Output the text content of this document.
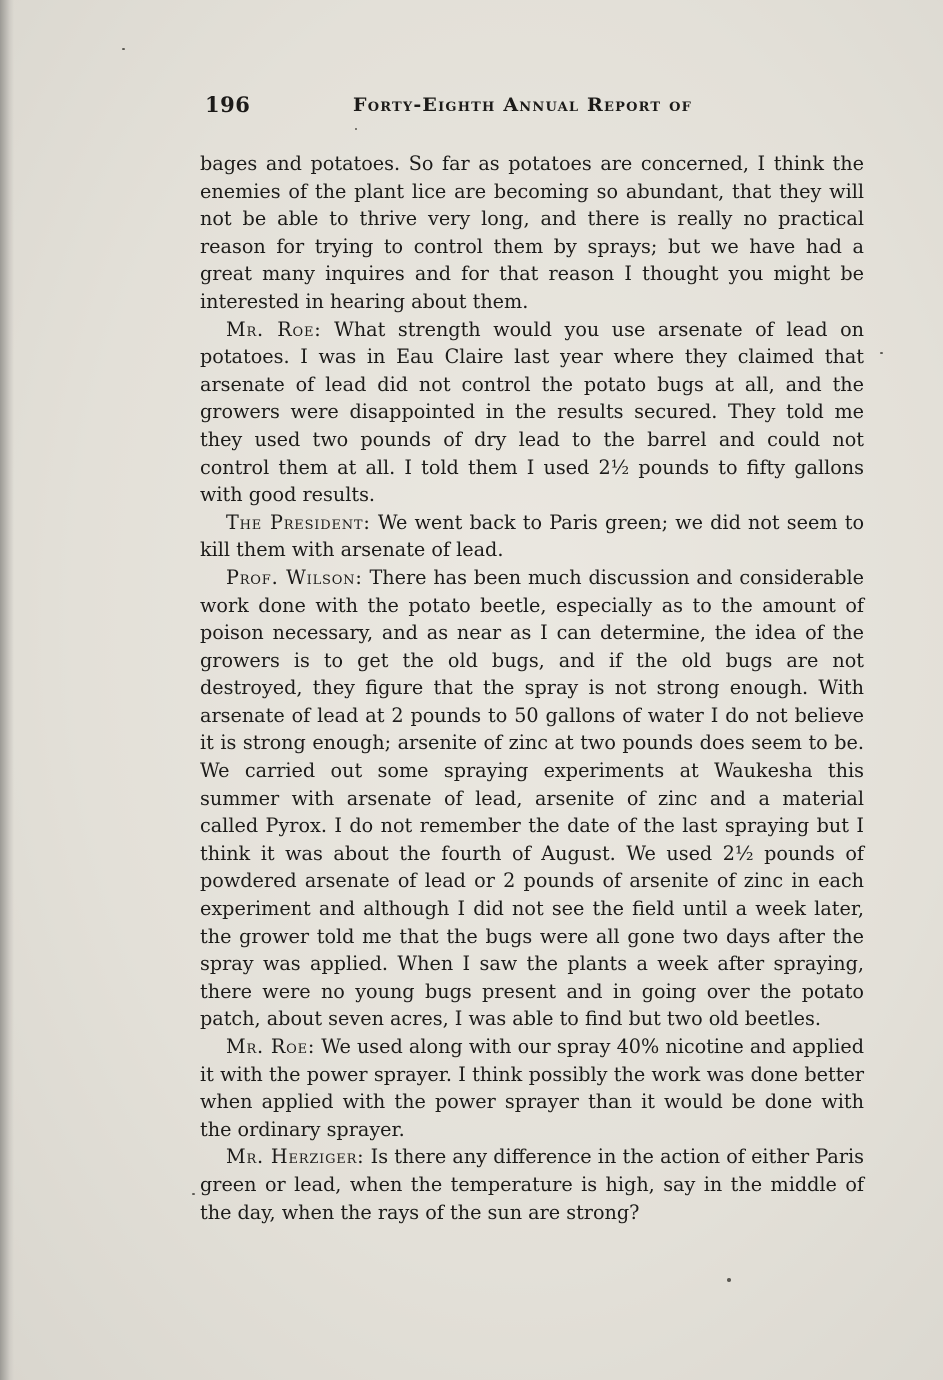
196	Forty-Eighth Annual Report of

bages and potatoes. So far as potatoes are concerned, I think the enemies of the plant lice are becoming so abundant, that they will not be able to thrive very long, and there is really no practical reason for trying to control them by sprays; but we have had a great many inquires and for that reason I thought you might be interested in hearing about them.

Mr. Roe: What strength would you use arsenate of lead on potatoes. I was in Eau Claire last year where they claimed that arsenate of lead did not control the potato bugs at all, and the growers were disappointed in the results secured. They told me they used two pounds of dry lead to the barrel and could not control them at all. I told them I used 2½ pounds to fifty gallons with good results.

The President: We went back to Paris green; we did not seem to kill them with arsenate of lead.

Prof. Wilson: There has been much discussion and considerable work done with the potato beetle, especially as to the amount of poison necessary, and as near as I can determine, the idea of the growers is to get the old bugs, and if the old bugs are not destroyed, they figure that the spray is not strong enough. With arsenate of lead at 2 pounds to 50 gallons of water I do not believe it is strong enough; arsenite of zinc at two pounds does seem to be. We carried out some spraying experiments at Waukesha this summer with arsenate of lead, arsenite of zinc and a material called Pyrox. I do not remember the date of the last spraying but I think it was about the fourth of August. We used 2½ pounds of powdered arsenate of lead or 2 pounds of arsenite of zinc in each experiment and although I did not see the field until a week later, the grower told me that the bugs were all gone two days after the spray was applied. When I saw the plants a week after spraying, there were no young bugs present and in going over the potato patch, about seven acres, I was able to find but two old beetles.

Mr. Roe: We used along with our spray 40% nicotine and applied it with the power sprayer. I think possibly the work was done better when applied with the power sprayer than it would be done with the ordinary sprayer.

Mr. Herziger: Is there any difference in the action of either Paris green or lead, when the temperature is high, say in the middle of the day, when the rays of the sun are strong?
